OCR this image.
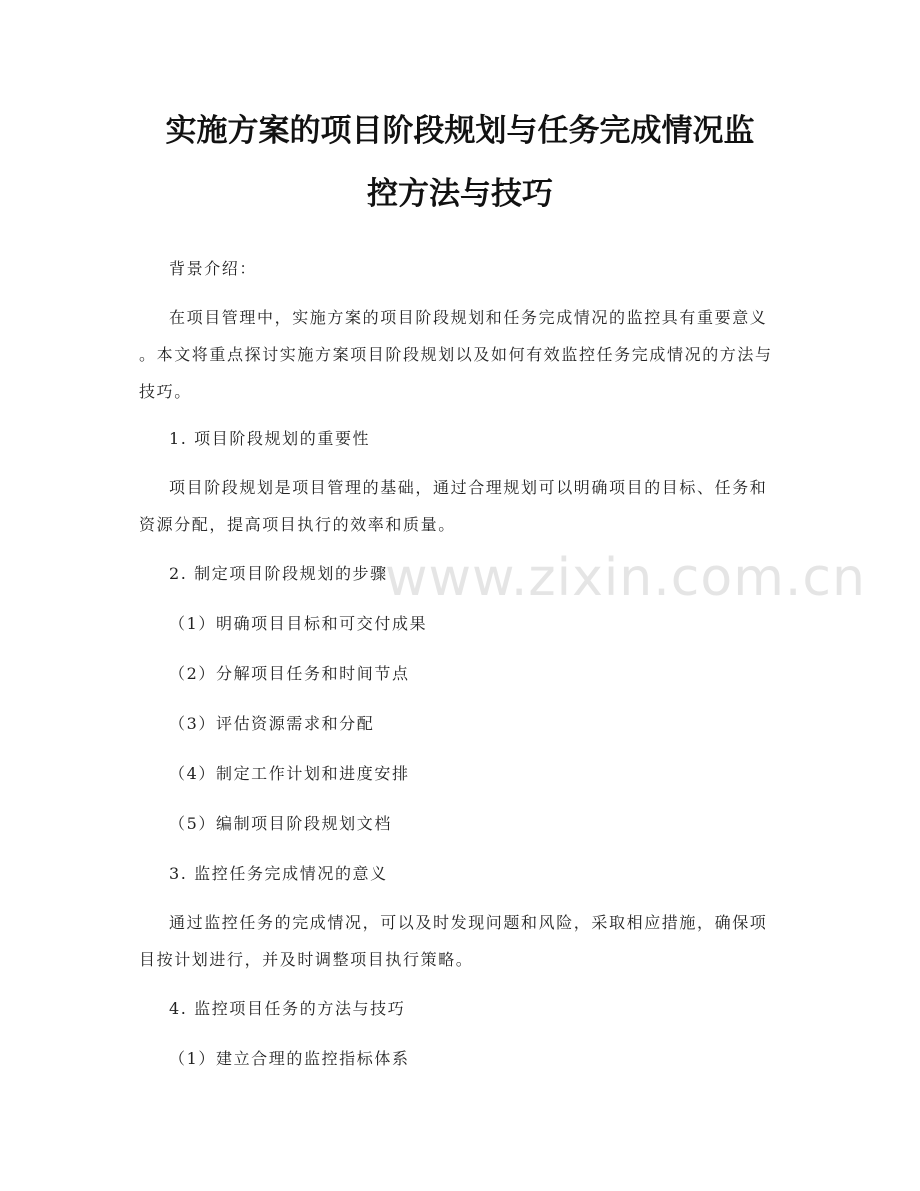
实施方案的项目阶段规划与任务完成情况监
控方法与技巧
背景介绍：
在项目管理中，实施方案的项目阶段规划和任务完成情况的监控具有重要意义
。本文将重点探讨实施方案项目阶段规划以及如何有效监控任务完成情况的方法与
技巧。
1. 项目阶段规划的重要性
项目阶段规划是项目管理的基础，通过合理规划可以明确项目的目标、任务和
资源分配，提高项目执行的效率和质量。
2. 制定项目阶段规划的步骤
（1）明确项目目标和可交付成果
（2）分解项目任务和时间节点
（3）评估资源需求和分配
（4）制定工作计划和进度安排
（5）编制项目阶段规划文档
3. 监控任务完成情况的意义
通过监控任务的完成情况，可以及时发现问题和风险，采取相应措施，确保项
目按计划进行，并及时调整项目执行策略。
4. 监控项目任务的方法与技巧
（1）建立合理的监控指标体系
www.zixin.com.cn
